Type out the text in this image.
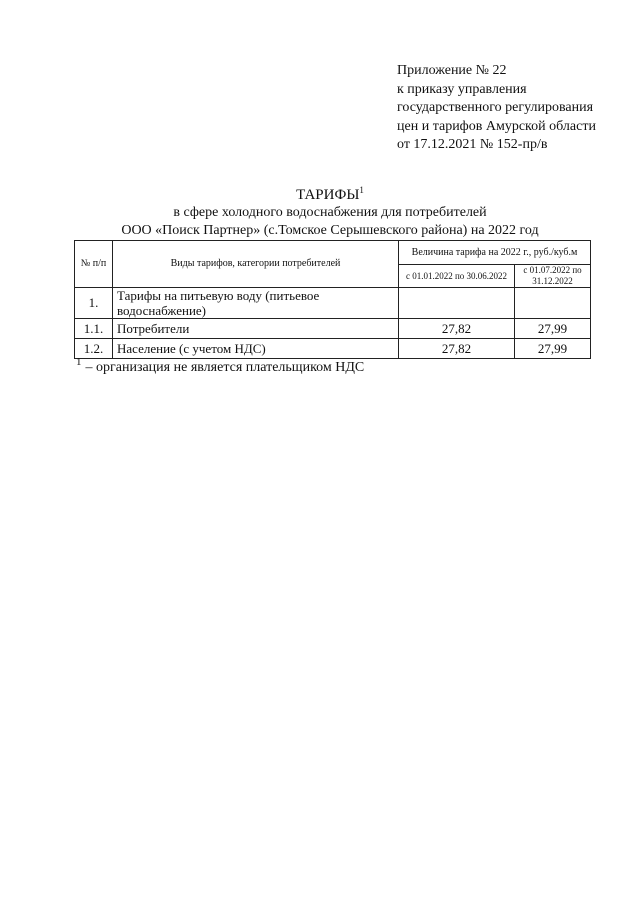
Приложение № 22
к приказу управления
государственного регулирования
цен и тарифов Амурской области
от 17.12.2021 № 152-пр/в
ТАРИФЫ$^1$
в сфере холодного водоснабжения для потребителей
ООО «Поиск Партнер» (с.Томское Серышевского района) на 2022 год
№ п/п	Виды тарифов, категории потребителей	Величина тарифа на 2022 г., руб./куб.м	
		с 01.01.2022 по 30.06.2022	с 01.07.2022 по 31.12.2022
1.	Тарифы на питьевую воду (питьевое водоснабжение)		
1.1.	Потребители	27,82	27,99
1.2.	Население (с учетом НДС)	27,82	27,99
$^1$ – организация не является плательщиком НДС
